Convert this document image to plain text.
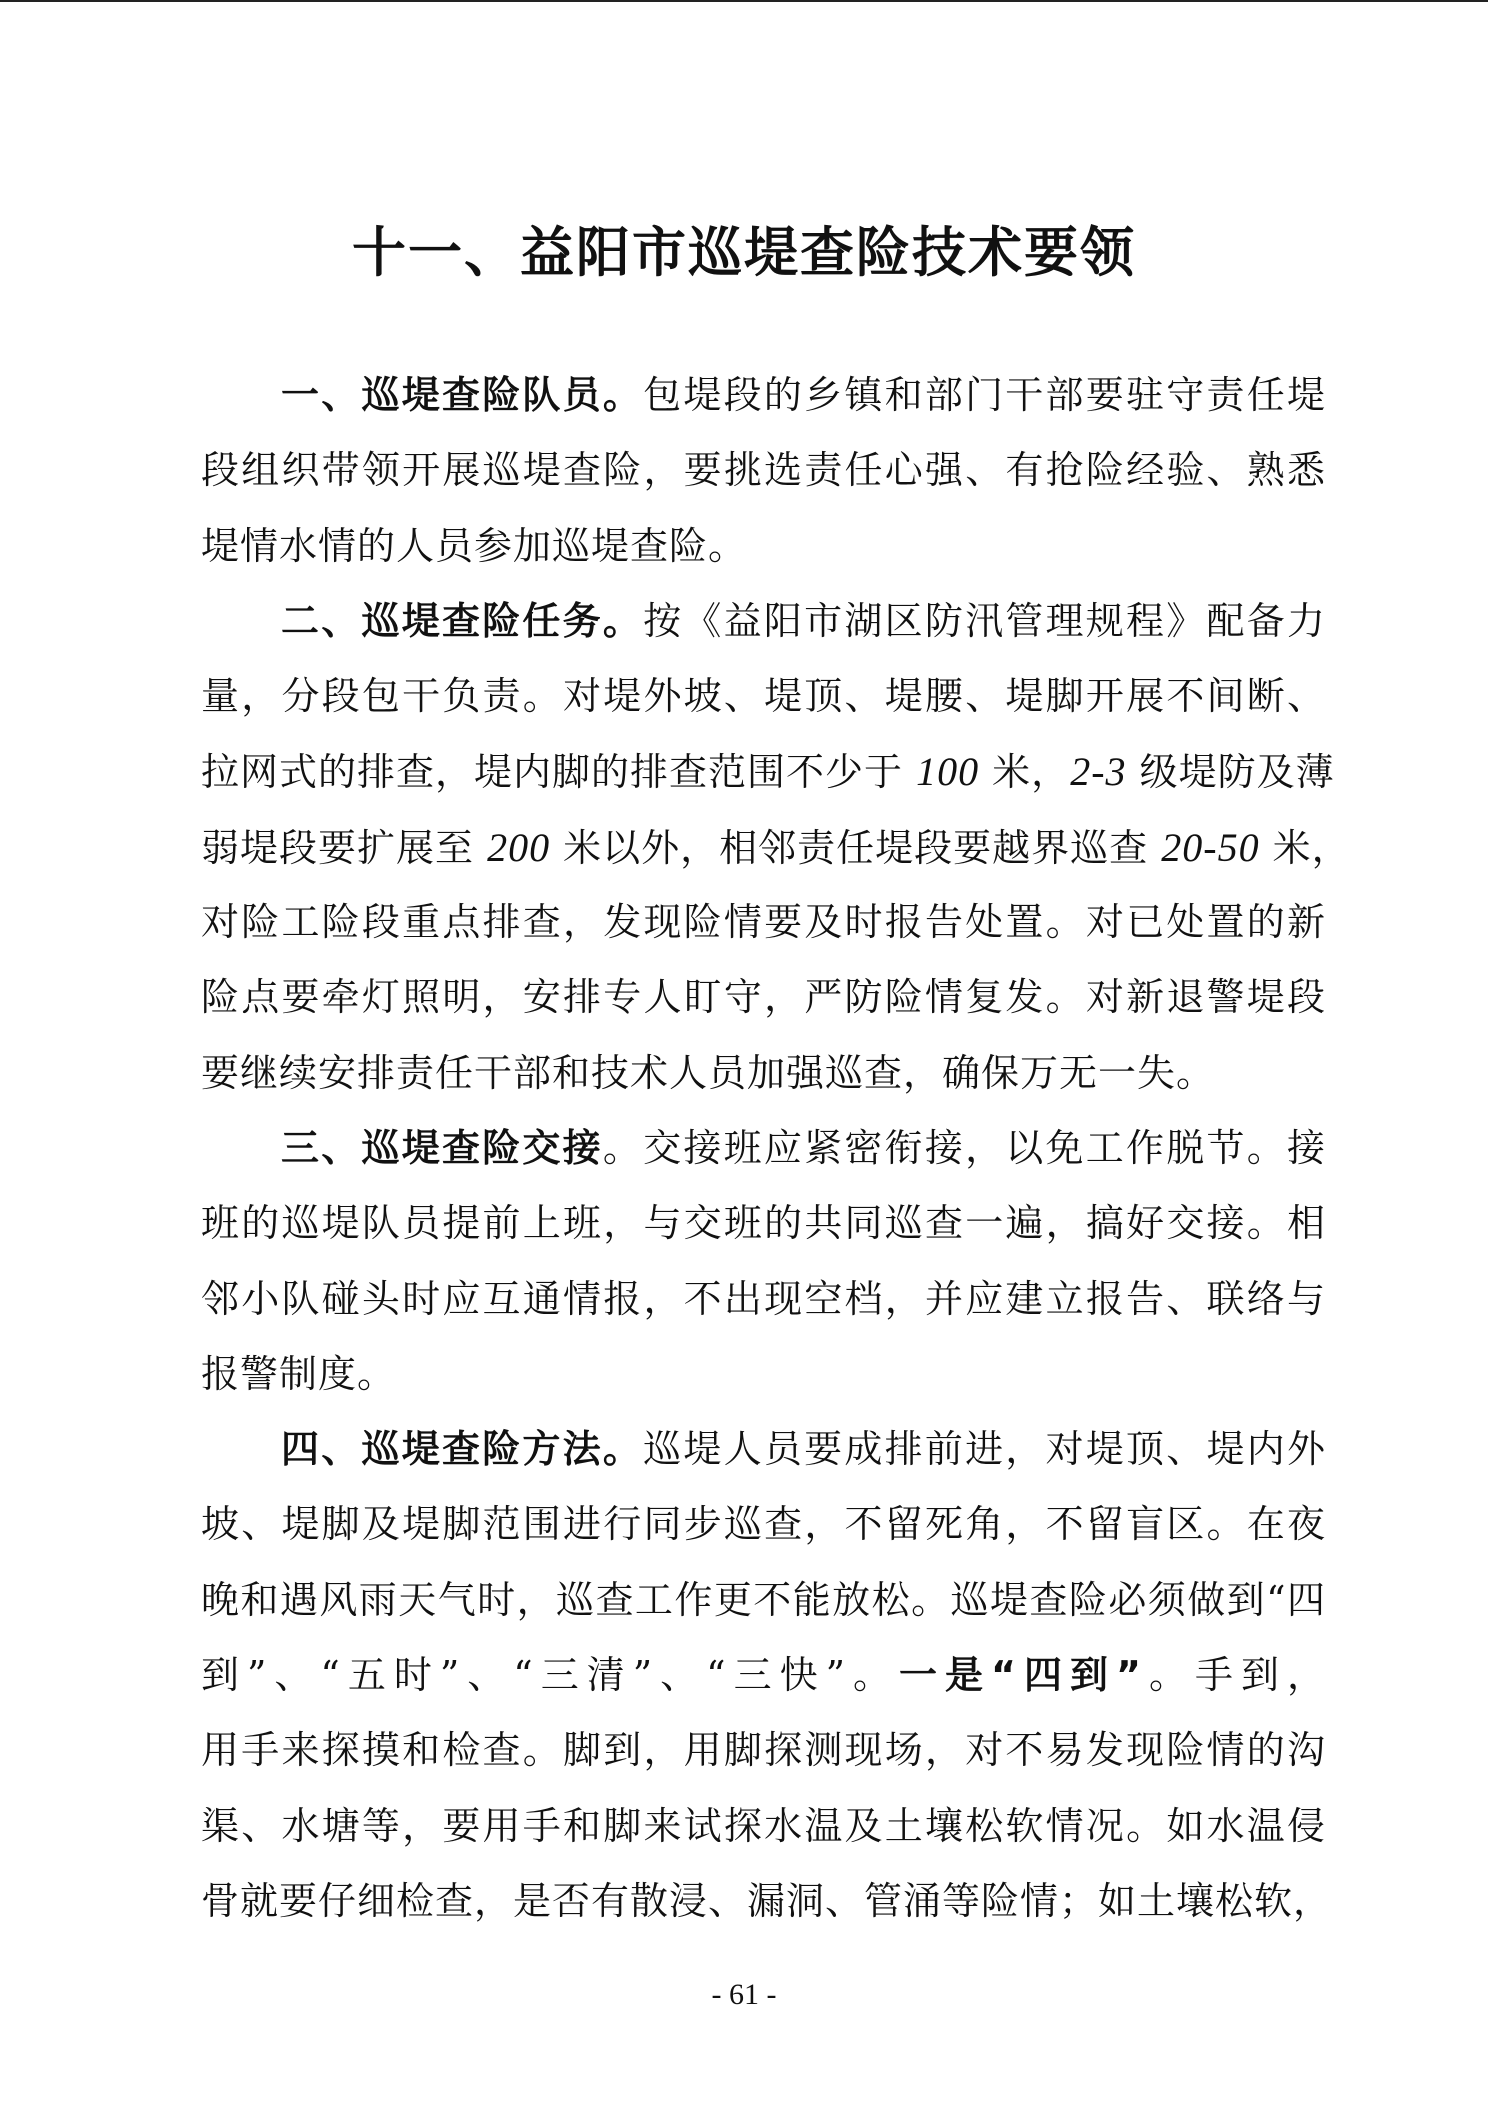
十一、益阳市巡堤查险技术要领
一、巡堤查险队员。包堤段的乡镇和部门干部要驻守责任堤
段组织带领开展巡堤查险，要挑选责任心强、有抢险经验、熟悉
堤情水情的人员参加巡堤查险。
二、巡堤查险任务。按《益阳市湖区防汛管理规程》配备力
量，分段包干负责。对堤外坡、堤顶、堤腰、堤脚开展不间断、
拉网式的排查，堤内脚的排查范围不少于 100 米，2-3 级堤防及薄
弱堤段要扩展至 200 米以外，相邻责任堤段要越界巡查 20-50 米，
对险工险段重点排查，发现险情要及时报告处置。对已处置的新
险点要牵灯照明，安排专人盯守，严防险情复发。对新退警堤段
要继续安排责任干部和技术人员加强巡查，确保万无一失。
三、巡堤查险交接。交接班应紧密衔接，以免工作脱节。接
班的巡堤队员提前上班，与交班的共同巡查一遍，搞好交接。相
邻小队碰头时应互通情报，不出现空档，并应建立报告、联络与
报警制度。
四、巡堤查险方法。巡堤人员要成排前进，对堤顶、堤内外
坡、堤脚及堤脚范围进行同步巡查，不留死角，不留盲区。在夜
晚和遇风雨天气时，巡查工作更不能放松。巡堤查险必须做到“四
到”、“五时”、“三清”、“三快”。一是“四到”。手到，
用手来探摸和检查。脚到，用脚探测现场，对不易发现险情的沟
渠、水塘等，要用手和脚来试探水温及土壤松软情况。如水温侵
骨就要仔细检查，是否有散浸、漏洞、管涌等险情；如土壤松软，
- 61 -
